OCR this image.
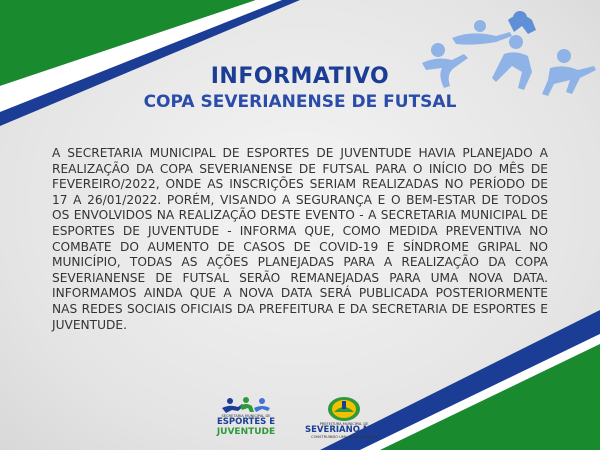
INFORMATIVO

COPA SEVERIANENSE DE FUTSAL

A SECRETARIA MUNICIPAL DE ESPORTES DE JUVENTUDE HAVIA PLANEJADO A REALIZAÇÃO DA COPA SEVERIANENSE DE FUTSAL PARA O INÍCIO DO MÊS DE FEVEREIRO/2022, ONDE AS INSCRIÇÕES SERIAM REALIZADAS NO PERÍODO DE 17 A 26/01/2022. PORÉM, VISANDO A SEGURANÇA E O BEM-ESTAR DE TODOS OS ENVOLVIDOS NA REALIZAÇÃO DESTE EVENTO - A SECRETARIA MUNICIPAL DE ESPORTES DE JUVENTUDE - INFORMA QUE, COMO MEDIDA PREVENTIVA NO COMBATE DO AUMENTO DE CASOS DE COVID-19 E SÍNDROME GRIPAL NO MUNICÍPIO, TODAS AS AÇÕES PLANEJADAS PARA A REALIZAÇÃO DA COPA SEVERIANENSE DE FUTSAL SERÃO REMANEJADAS PARA UMA NOVA DATA. INFORMAMOS AINDA QUE A NOVA DATA SERÁ PUBLICADA POSTERIORMENTE NAS REDES SOCIAIS OFICIAIS DA PREFEITURA E DA SECRETARIA DE ESPORTES E JUVENTUDE.

SECRETARIA MUNICIPAL DE

ESPORTES E

JUVENTUDE

PREFEITURA MUNICIPAL DE

SEVERIANO MELO

CONSTRUINDO UMA NOVA HISTÓRIA
